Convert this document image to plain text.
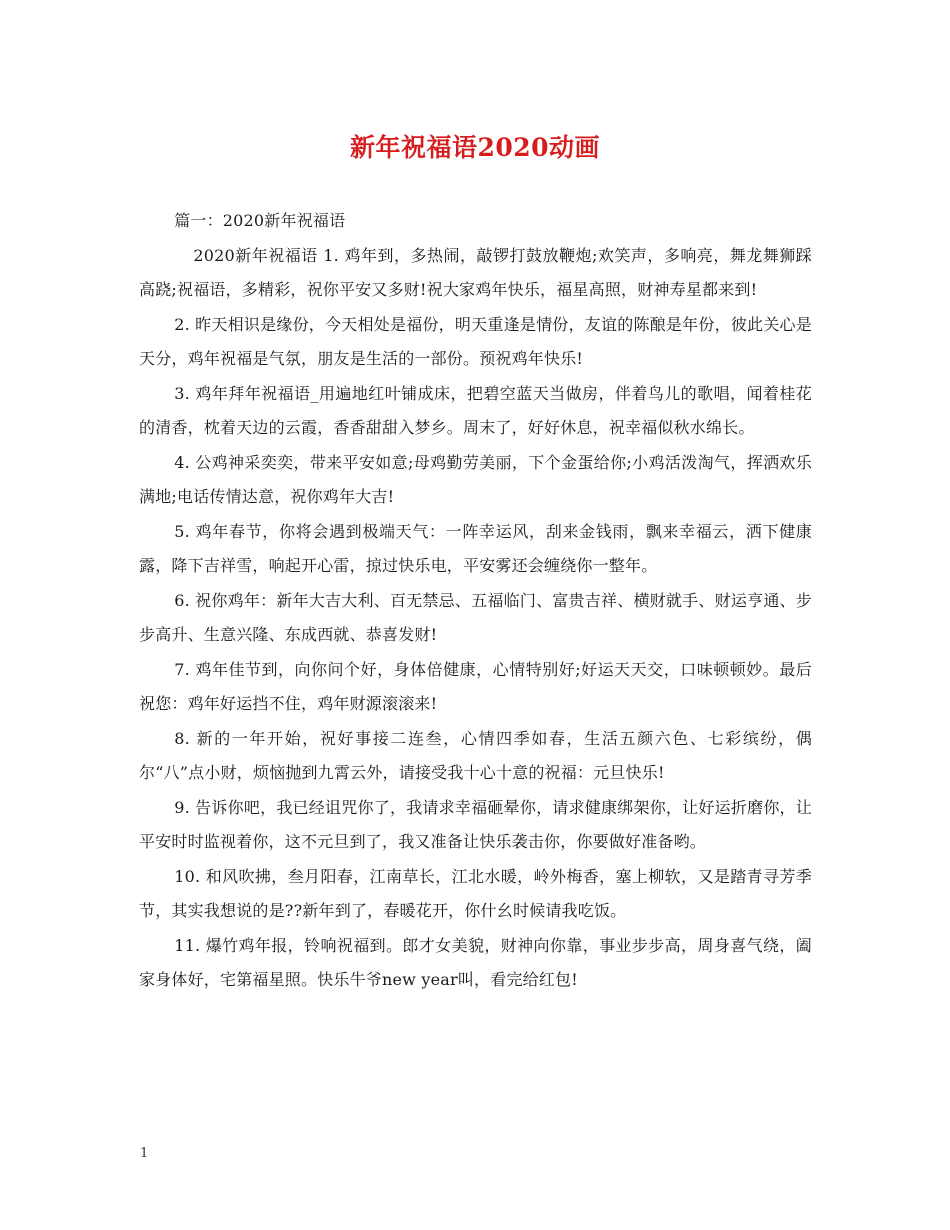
新年祝福语2020动画

篇一：2020新年祝福语

2020新年祝福语 1. 鸡年到，多热闹，敲锣打鼓放鞭炮;欢笑声，多响亮，舞龙舞狮踩高跷;祝福语，多精彩，祝你平安又多财!祝大家鸡年快乐，福星高照，财神寿星都来到!

2. 昨天相识是缘份，今天相处是福份，明天重逢是情份，友谊的陈酿是年份，彼此关心是天分，鸡年祝福是气氛，朋友是生活的一部份。预祝鸡年快乐!

3. 鸡年拜年祝福语_用遍地红叶铺成床，把碧空蓝天当做房，伴着鸟儿的歌唱，闻着桂花的清香，枕着天边的云霞，香香甜甜入梦乡。周末了，好好休息，祝幸福似秋水绵长。

4. 公鸡神采奕奕，带来平安如意;母鸡勤劳美丽，下个金蛋给你;小鸡活泼淘气，挥洒欢乐满地;电话传情达意，祝你鸡年大吉!

5. 鸡年春节，你将会遇到极端天气：一阵幸运风，刮来金钱雨，飘来幸福云，洒下健康露，降下吉祥雪，响起开心雷，掠过快乐电，平安雾还会缠绕你一整年。

6. 祝你鸡年：新年大吉大利、百无禁忌、五福临门、富贵吉祥、横财就手、财运亨通、步步高升、生意兴隆、东成西就、恭喜发财!

7. 鸡年佳节到，向你问个好，身体倍健康，心情特别好;好运天天交，口味顿顿妙。最后祝您：鸡年好运挡不住，鸡年财源滚滚来!

8. 新的一年开始，祝好事接二连叁，心情四季如春，生活五颜六色、七彩缤纷，偶尔“八”点小财，烦恼抛到九霄云外，请接受我十心十意的祝福：元旦快乐!

9. 告诉你吧，我已经诅咒你了，我请求幸福砸晕你，请求健康绑架你，让好运折磨你，让平安时时监视着你，这不元旦到了，我又准备让快乐袭击你，你要做好准备哟。

10. 和风吹拂，叁月阳春，江南草长，江北水暖，岭外梅香，塞上柳软，又是踏青寻芳季节，其实我想说的是??新年到了，春暖花开，你什幺时候请我吃饭。

11. 爆竹鸡年报，铃响祝福到。郎才女美貌，财神向你靠，事业步步高，周身喜气绕，阖家身体好，宅第福星照。快乐牛爷new year叫，看完给红包!

1
